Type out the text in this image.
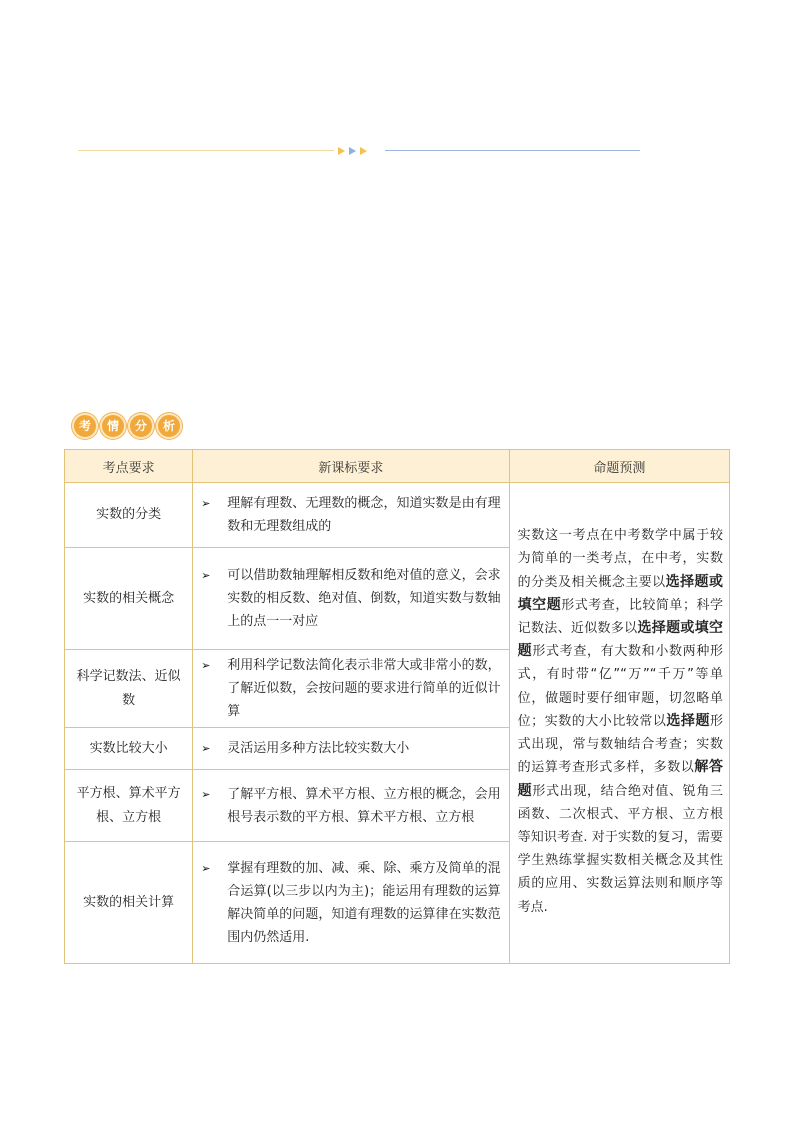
考	情	分	析
考点要求	新课标要求	命题预测
实数的分类	➢ 理解有理数、无理数的概念，知道实数是由有理数和无理数组成的	实数这一考点在中考数学中属于较为简单的一类考点，在中考，实数的分类及相关概念主要以选择题或填空题形式考查，比较简单；科学记数法、近似数多以选择题或填空题形式考查，有大数和小数两种形式，有时带“亿”“万”“千万”等单位，做题时要仔细审题，切忽略单位；实数的大小比较常以选择题形式出现，常与数轴结合考查；实数的运算考查形式多样，多数以解答题形式出现，结合绝对值、锐角三函数、二次根式、平方根、立方根等知识考查. 对于实数的复习，需要学生熟练掌握实数相关概念及其性质的应用、实数运算法则和顺序等考点.
实数的相关概念	➢ 可以借助数轴理解相反数和绝对值的意义，会求实数的相反数、绝对值、倒数，知道实数与数轴上的点一一对应	

科学记数法、近似数	➢ 利用科学记数法简化表示非常大或非常小的数，了解近似数，会按问题的要求进行简单的近似计算	

实数比较大小	➢ 灵活运用多种方法比较实数大小	

平方根、算术平方根、立方根	➢ 了解平方根、算术平方根、立方根的概念，会用根号表示数的平方根、算术平方根、立方根	

实数的相关计算	➢ 掌握有理数的加、减、乘、除、乘方及简单的混合运算(以三步以内为主)；能运用有理数的运算解决简单的问题，知道有理数的运算律在实数范围内仍然适用.	
